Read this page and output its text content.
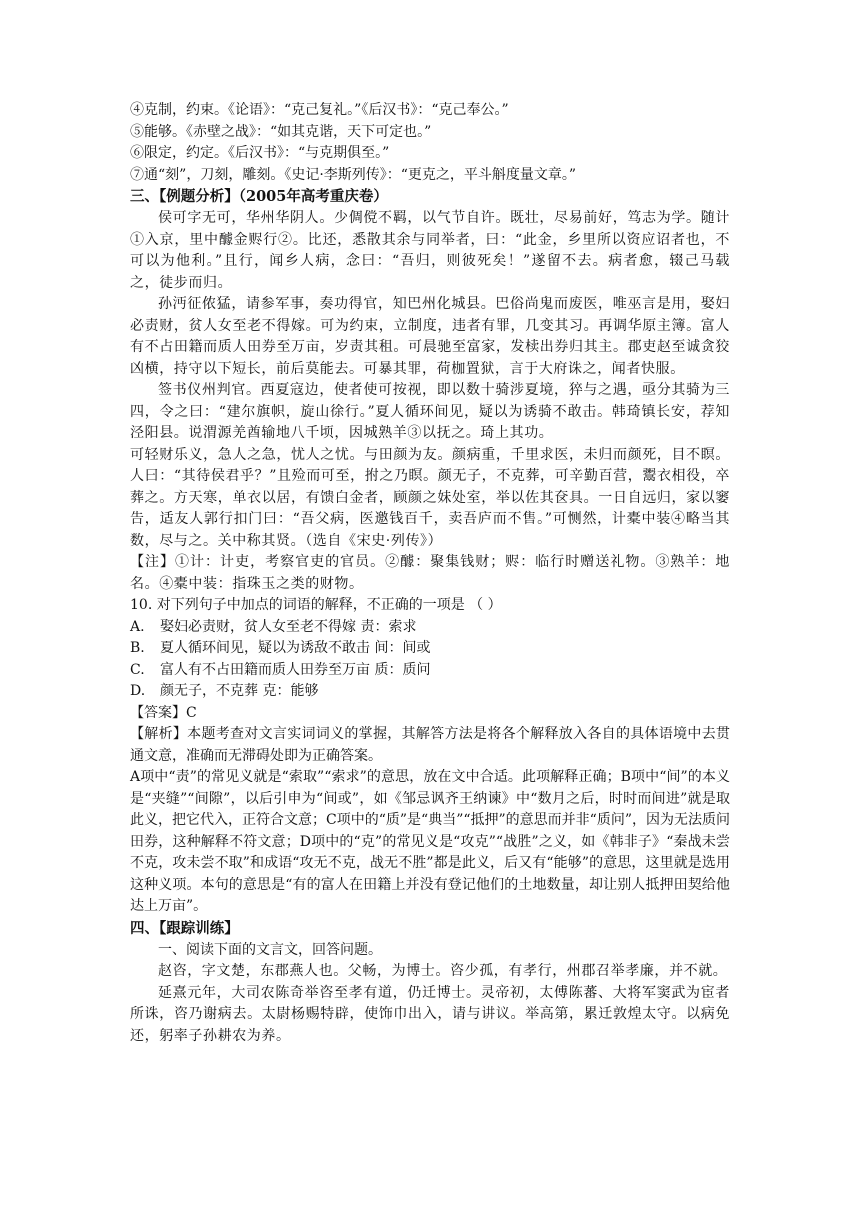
④克制，约束。《论语》：“克己复礼。”《后汉书》：“克己奉公。”

⑤能够。《赤壁之战》：“如其克谐，天下可定也。”

⑥限定，约定。《后汉书》：“与克期俱至。”

⑦通“刻”，刀刻，雕刻。《史记·李斯列传》：“更克之，平斗斛度量文章。”

三、【例题分析】（2005年高考重庆卷）

侯可字无可，华州华阴人。少倜傥不羁，以气节自许。既壮，尽易前好，笃志为学。随计①入京，里中醵金赆行②。比还，悉散其余与同举者，曰：“此金，乡里所以资应诏者也，不可以为他利。”且行，闻乡人病，念曰：“吾归，则彼死矣！”遂留不去。病者愈，辍己马载之，徒步而归。

孙沔征侬猛，请参军事，奏功得官，知巴州化城县。巴俗尚鬼而废医，唯巫言是用，娶妇必责财，贫人女至老不得嫁。可为约束，立制度，违者有罪，几变其习。再调华原主簿。富人有不占田籍而质人田券至万亩，岁责其租。可晨驰至富家，发椟出券归其主。郡吏赵至诚贪狡凶横，持守以下短长，前后莫能去。可暴其罪，荷枷置狱，言于大府诛之，闻者快服。

签书仪州判官。西夏寇边，使者使可按视，即以数十骑涉夏境，猝与之遇，亟分其骑为三四，令之曰：“建尔旗帜，旋山徐行。”夏人循环间见，疑以为诱骑不敢击。韩琦镇长安，荐知泾阳县。说渭源羌酋输地八千顷，因城熟羊③以抚之。琦上其功。

可轻财乐义，急人之急，忧人之忧。与田颜为友。颜病重，千里求医，未归而颜死，目不瞑。人曰：“其待侯君乎？”且殓而可至，拊之乃瞑。颜无子，不克葬，可辛勤百营，鬻衣相役，卒葬之。方天寒，单衣以居，有馈白金者，顾颜之妹处室，举以佐其奁具。一日自远归，家以窭告，适友人郭行扣门曰：“吾父病，医邀钱百千，卖吾庐而不售。”可恻然，计橐中装④略当其数，尽与之。关中称其贤。（选自《宋史·列传》）

【注】①计：计吏，考察官吏的官员。②醵：聚集钱财；赆：临行时赠送礼物。③熟羊：地名。④橐中装：指珠玉之类的财物。

10. 对下列句子中加点的词语的解释，不正确的一项是 （ ）

A.	娶妇必责财，贫人女至老不得嫁 责：索求
B.	夏人循环间见，疑以为诱敌不敢击 间：间或
C.	富人有不占田籍而质人田券至万亩 质：质问
D.	颜无子，不克葬 克：能够

【答案】C

【解析】本题考查对文言实词词义的掌握，其解答方法是将各个解释放入各自的具体语境中去贯通文意，准确而无滞碍处即为正确答案。

A项中“责”的常见义就是“索取”“索求”的意思，放在文中合适。此项解释正确；B项中“间”的本义是“夹缝”“间隙”，以后引申为“间或”，如《邹忌讽齐王纳谏》中“数月之后，时时而间进”就是取此义，把它代入，正符合文意；C项中的“质”是“典当”“抵押”的意思而并非“质问”，因为无法质问田券，这种解释不符文意；D项中的“克”的常见义是“攻克”“战胜”之义，如《韩非子》“秦战未尝不克，攻未尝不取”和成语“攻无不克，战无不胜”都是此义，后又有“能够”的意思，这里就是选用这种义项。本句的意思是“有的富人在田籍上并没有登记他们的土地数量，却让别人抵押田契给他达上万亩”。

四、【跟踪训练】

一、阅读下面的文言文，回答问题。

赵咨，字文楚，东郡燕人也。父畅，为博士。咨少孤，有孝行，州郡召举孝廉，并不就。

延熹元年，大司农陈奇举咨至孝有道，仍迁博士。灵帝初，太傅陈蕃、大将军窦武为宦者所诛，咨乃谢病去。太尉杨赐特辟，使饰巾出入，请与讲议。举高第，累迁敦煌太守。以病免还，躬率子孙耕农为养。
